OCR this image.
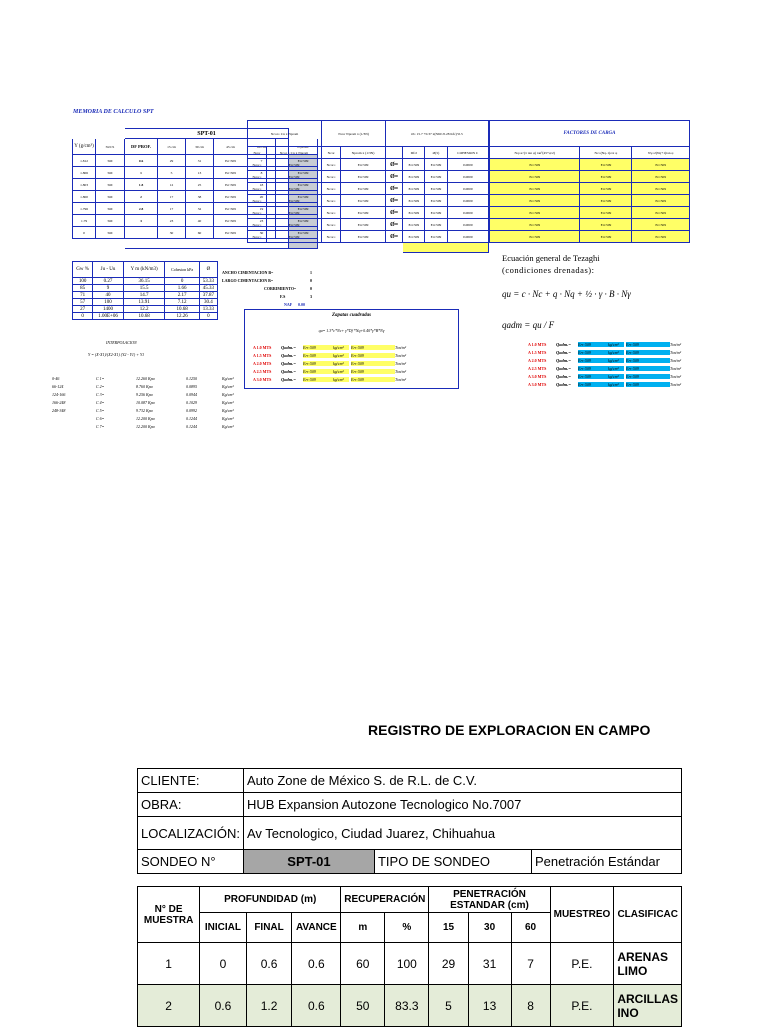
MEMORIA DE CALCULO SPT
		SPT-01						
Y (g/cm³)	SUCS	DF PROF.	15 cm	30 cm	45 cm	60 cm		N prom.
1.812	SM	0.6	29	31	Err:509	7		Err:509
1.806	SM	1	5	13	Err:509	8		Err:509
1.803	SM	1.8	12	25	Err:509	18		Err:509
1.800	SM	2	17	38	Err:509	20		Err:509
1.796	SM	2.8	17	32	Err:509	19		Err:509
1.79	SM	3	23	40	Err:509	23		Err:509
0	SM		30	60	Err:509	30		Err:509

Ncor= Cn x Nprom		Ncor Nprom x (1/3N)		Ø= 15.7 +0.37 x(N60 /0.28 Kfc)^0.5			
Ncor	Ncor = Cn x Nprom	Ncor	Nprom x (1/3N)		Df/2	Ø(5)	COHESION C
Ncor=	Err:509	Ncor=	Err:509	Ø=	Err:509	Err:509	0.0000
Ncor=	Err:509	Ncor=	Err:509	Ø=	Err:509	Err:509	0.0000
Ncor=	Err:509	Ncor=	Err:509	Ø=	Err:509	Err:509	0.0000
Ncor=	Err:509	Ncor=	Err:509	Ø=	Err:509	Err:509	0.0000
Ncor=	Err:509	Ncor=	Err:509	Ø=	Err:509	Err:509	0.0000
Ncor=	Err:509	Ncor=	Err:509	Ø=	Err:509	Err:509	0.0000
Ncor=	Err:509	Ncor=	Err:509	Ø=	Err:509	Err:509	0.0000

FACTORES DE CARGA		
Nq=e^(π tan φ) tan²(45+φ/2)	Nc=(Nq-1)cot φ	Nγ=2(Nq+1)tan φ
Err:509	Err:509	Err:509
Err:509	Err:509	Err:509
Err:509	Err:509	Err:509
Err:509	Err:509	Err:509
Err:509	Err:509	Err:509
Err:509	Err:509	Err:509
Err:509	Err:509	Err:509
Gw %	Ju - Uu	Y m (kN/m3)	Cohesion kPa	Ø
100	0.27	36.15	0	53.33
85	9	15.5	1.66	45.33
71	40	14.7	2.17	37.87
57	100	13.91	7.12	30.4
27	1400	12.2	10.68	13.33
0	1.00E+06	10.68	12.26	0
ANCHO CIMENTACION B=	1
LARGO CIMENTACION B=	0
CORRIMIENTO=	0
F.S	3
NAF 0.00
Zapatas cuadradas
qu= 1.3*c*Nc+ γ*Df *Nq+0.40*γ*B*Nγ
A 1.0 MTS Qadm.= Err:509	kg/cm² Err:509	Ton/m²
A 1.5 MTS Qadm.= Err:509	kg/cm² Err:509	Ton/m²
A 2.0 MTS Qadm.= Err:509	kg/cm² Err:509	Ton/m²
A 2.5 MTS Qadm.= Err:509	kg/cm² Err:509	Ton/m²
A 3.0 MTS Qadm.= Err:509	kg/cm² Err:509	Ton/m²
INTERPOLACION
Y = (X-X1)/(X2-X1) (Y2 - Y1) + Y1
0-46	C 1=	12.260 Kpa	0.1250	Kg/cm²
66-124	C 2=	8.760 Kpa	0.0895	Kg/cm²
124-166	C 3=	9.256 Kpa	0.0944	Kg/cm²
166-248	C 4=	10.087 Kpa	0.1029	Kg/cm²
248-348	C 5=	9.732 Kpa	0.0992	Kg/cm²
C 6=	12.200 Kpa	0.1244	Kg/cm²
C 7=	12.200 Kpa	0.1244	Kg/cm²
Ecuación general de Tezaghi
(condiciones drenadas):
qu = c · Nc + q · Nq + ½ · γ · B · Nγ
qadm = qu / F
A 1.0 MTS Qadm.= Err:509	kg/cm² Err:509	Ton/m²
A 1.5 MTS Qadm.= Err:509	kg/cm² Err:509	Ton/m²
A 2.0 MTS Qadm.= Err:509	kg/cm² Err:509	Ton/m²
A 2.5 MTS Qadm.= Err:509	kg/cm² Err:509	Ton/m²
A 3.0 MTS Qadm.= Err:509	kg/cm² Err:509	Ton/m²
A 3.0 MTS Qadm.= Err:509	kg/cm² Err:509	Ton/m²
REGISTRO DE EXPLORACION EN CAMPO
CLIENTE:	Auto Zone de México S. de R.L. de C.V.		
OBRA:	HUB Expansion Autozone Tecnologico No.7007		
LOCALIZACIÓN:	Av Tecnologico, Ciudad Juarez, Chihuahua		
SONDEO N°	SPT-01	TIPO DE SONDEO	Penetración Estándar
N° DE MUESTRA	PROFUNDIDAD (m)			RECUPERACIÓN		PENETRACIÓN ESTANDAR (cm)			MUESTREO	CLASIFICAC
	INICIAL	FINAL	AVANCE	m	%	15	30	60		
1	0	0.6	0.6	60	100	29	31	7	P.E.	ARENAS LIMO
2	0.6	1.2	0.6	50	83.3	5	13	8	P.E.	ARCILLAS INO
